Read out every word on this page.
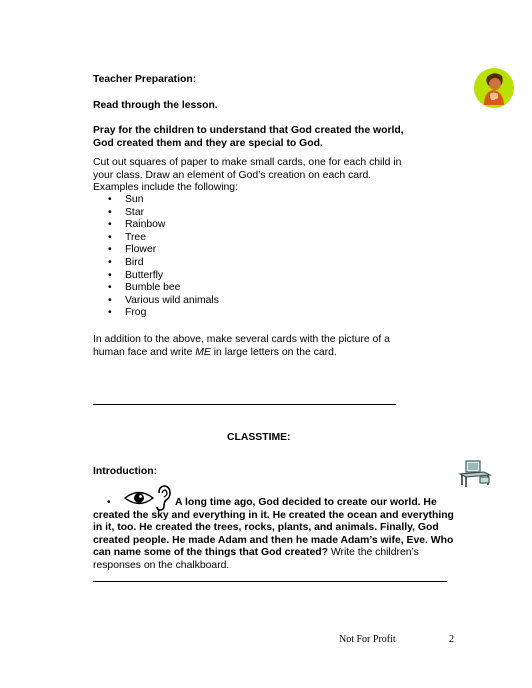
Teacher Preparation:
Read through the lesson.
Pray for the children to understand that God created the world,
God created them and they are special to God.
Cut out squares of paper to make small cards, one for each child in
your class. Draw an element of God’s creation on each card.
Examples include the following:
• Sun
• Star
• Rainbow
• Tree
• Flower
• Bird
• Butterfly
• Bumble bee
• Various wild animals
• Frog
In addition to the above, make several cards with the picture of a
human face and write ME in large letters on the card.
CLASSTIME:
Introduction:
•	A long time ago, God decided to create our world. He
created the sky and everything in it. He created the ocean and everything
in it, too. He created the trees, rocks, plants, and animals. Finally, God
created people. He made Adam and then he made Adam’s wife, Eve. Who
can name some of the things that God created? Write the children’s
responses on the chalkboard.
Not For Profit	2
